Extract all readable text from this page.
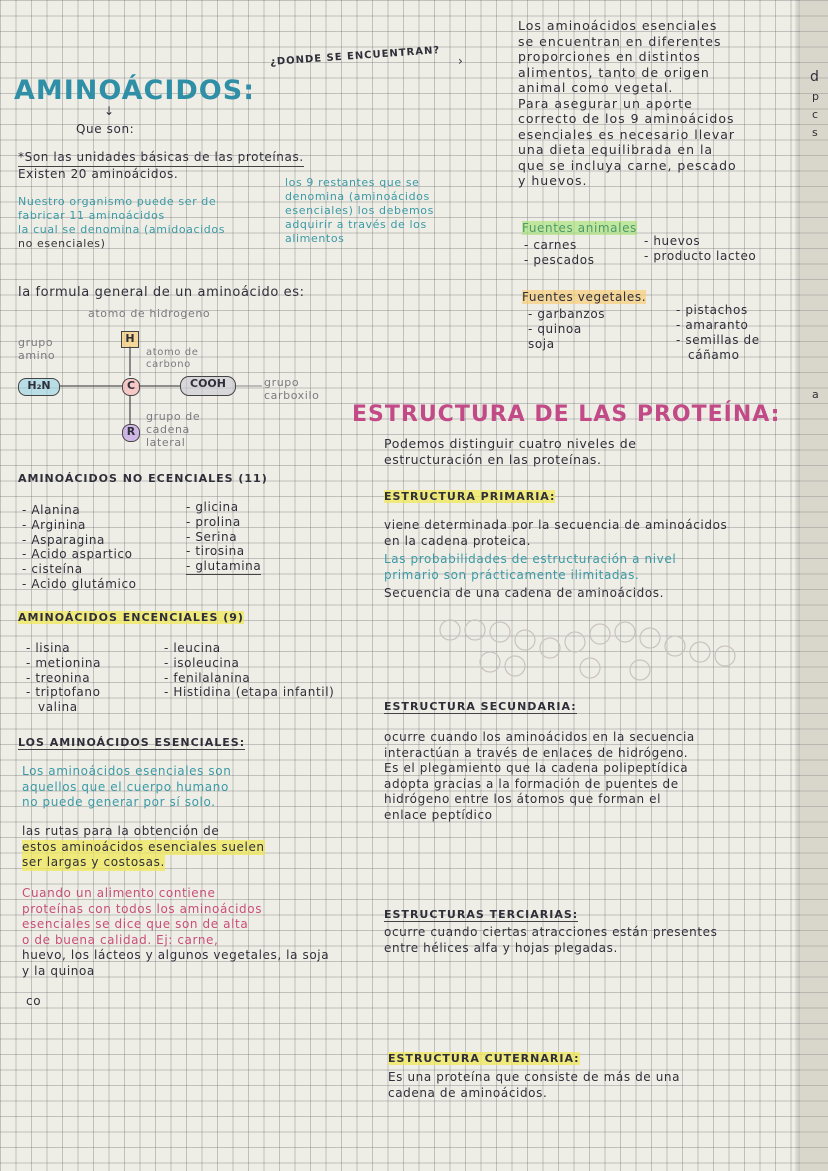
d
p
c
s
a
AMINOÁCIDOS:
↓
Que son:
*Son las unidades básicas de las proteínas.
Existen 20 aminoácidos.
Nuestro organismo puede ser de
fabricar 11 aminoácidos
la cual se denomina (amidoacidos
no esenciales)
los 9 restantes que se
denomina (aminoácidos
esenciales) los debemos
adquirir a través de los
alimentos
la formula general de un aminoácido es:
atomo de hidrogeno
grupo
amino	atomo de
carbono
H
H₂N	C	COOH	grupo
carboxilo
R
grupo de
cadena
lateral
AMINOÁCIDOS NO ECENCIALES (11)
- Alanina
- Arginina
- Asparagina
- Acido aspartico
- cisteína
- Acido glutámico
- glicina
- prolina
- Serina
- tirosina
- glutamina
AMINOÁCIDOS ENCENCIALES (9)
- lisina
- metionina
- treonina
- triptofano
valina
- leucina
- isoleucina
- fenilalanina
- Histidina (etapa infantil)
LOS AMINOÁCIDOS ESENCIALES:
Los aminoácidos esenciales son
aquellos que el cuerpo humano
no puede generar por sí solo.
las rutas para la obtención de
estos aminoácidos esenciales suelen
ser largas y costosas.
Cuando un alimento contiene
proteínas con todos los aminoácidos
esenciales se dice que son de alta
o de buena calidad. Ej: carne,
huevo, los lácteos y algunos vegetales, la soja
y la quinoa
co
¿DONDE SE ENCUENTRAN? ›
Los aminoácidos esenciales
se encuentran en diferentes
proporciones en distintos
alimentos, tanto de origen
animal como vegetal.
Para asegurar un aporte
correcto de los 9 aminoácidos
esenciales es necesario llevar
una dieta equilibrada en la
que se incluya carne, pescado
y huevos.
Fuentes animales
- carnes
- pescados
- huevos
- producto lacteo
Fuentes vegetales.
- garbanzos
- quinoa
soja
- pistachos
- amaranto
- semillas de
cáñamo
ESTRUCTURA DE LAS PROTEÍNA:
Podemos distinguir cuatro niveles de
estructuración en las proteínas.
ESTRUCTURA PRIMARIA:
viene determinada por la secuencia de aminoácidos
en la cadena proteica.
Las probabilidades de estructuración a nivel
primario son prácticamente ilimitadas.
Secuencia de una cadena de aminoácidos.
ESTRUCTURA SECUNDARIA:
ocurre cuando los aminoácidos en la secuencia
interactúan a través de enlaces de hidrógeno.
Es el plegamiento que la cadena polipeptídica
adopta gracias a la formación de puentes de
hidrógeno entre los átomos que forman el
enlace peptídico
ESTRUCTURAS TERCIARIAS:
ocurre cuando ciertas atracciones están presentes
entre hélices alfa y hojas plegadas.
ESTRUCTURA CUTERNARIA:
Es una proteína que consiste de más de una
cadena de aminoácidos.
